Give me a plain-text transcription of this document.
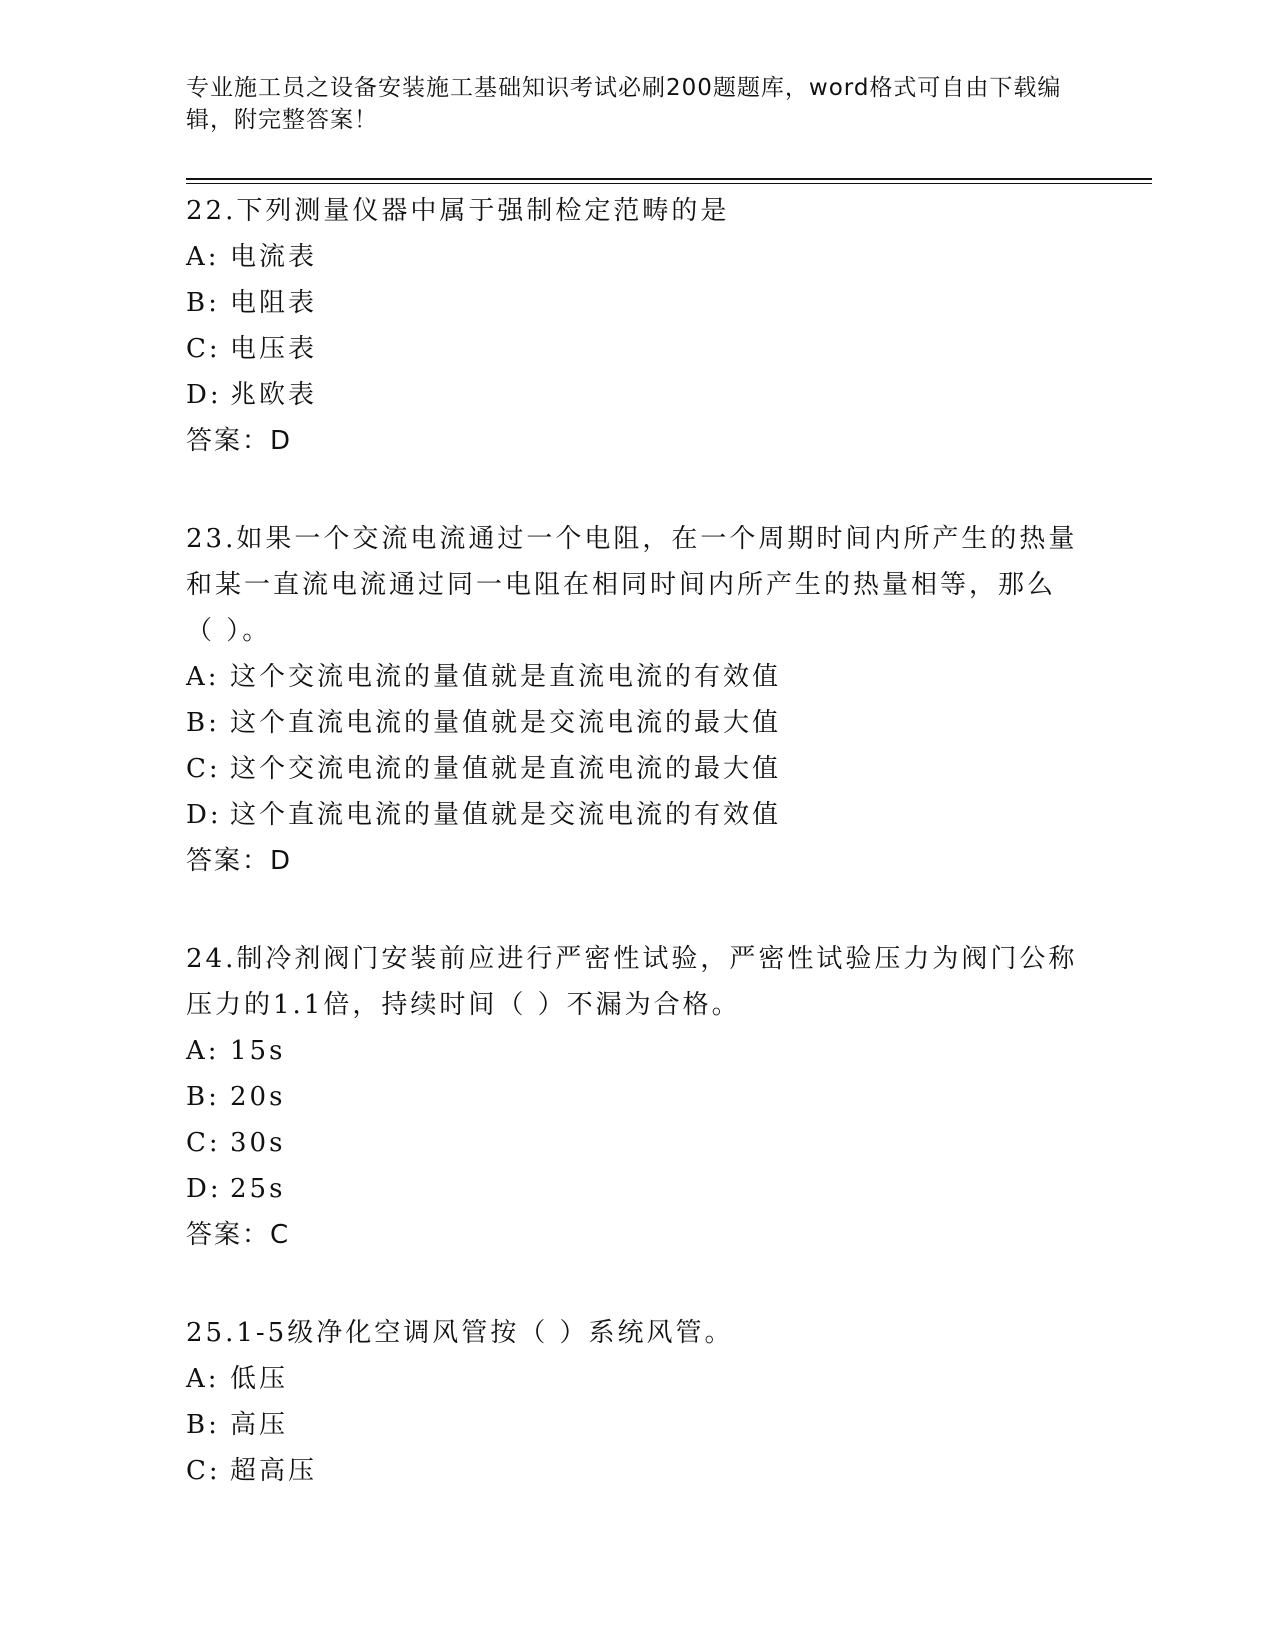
专业施工员之设备安装施工基础知识考试必刷200题题库，word格式可自由下载编辑，附完整答案！
22.下列测量仪器中属于强制检定范畴的是
A: 电流表
B: 电阻表
C: 电压表
D: 兆欧表
答案：D
23.如果一个交流电流通过一个电阻，在一个周期时间内所产生的热量
和某一直流电流通过同一电阻在相同时间内所产生的热量相等，那么
（ ）。
A: 这个交流电流的量值就是直流电流的有效值
B: 这个直流电流的量值就是交流电流的最大值
C: 这个交流电流的量值就是直流电流的最大值
D: 这个直流电流的量值就是交流电流的有效值
答案：D
24.制冷剂阀门安装前应进行严密性试验，严密性试验压力为阀门公称
压力的1.1倍，持续时间（ ）不漏为合格。
A: 15s
B: 20s
C: 30s
D: 25s
答案：C
25.1-5级净化空调风管按（ ）系统风管。
A: 低压
B: 高压
C: 超高压
